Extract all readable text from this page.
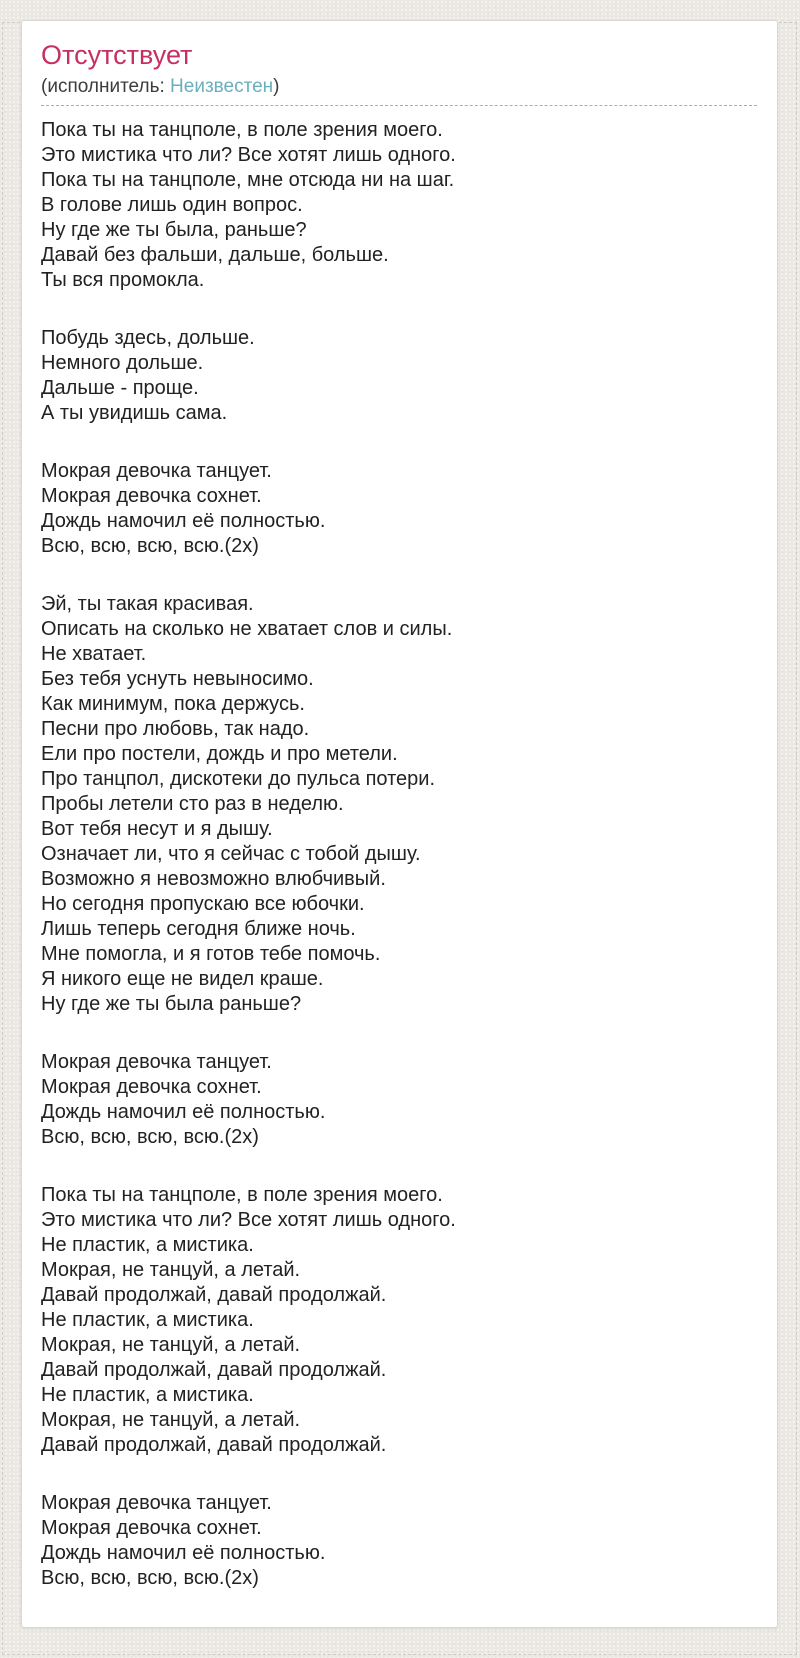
Отсутствует
(исполнитель: Неизвестен)

Пока ты на танцполе, в поле зрения моего.
Это мистика что ли? Все хотят лишь одного.
Пока ты на танцполе, мне отсюда ни на шаг.
В голове лишь один вопрос.
Ну где же ты была, раньше?
Давай без фальши, дальше, больше.
Ты вся промокла.

Побудь здесь, дольше.
Немного дольше.
Дальше - проще.
А ты увидишь сама.

Мокрая девочка танцует.
Мокрая девочка сохнет.
Дождь намочил её полностью.
Всю, всю, всю, всю.(2х)

Эй, ты такая красивая.
Описать на сколько не хватает слов и силы.
Не хватает.
Без тебя уснуть невыносимо.
Как минимум, пока держусь.
Песни про любовь, так надо.
Ели про постели, дождь и про метели.
Про танцпол, дискотеки до пульса потери.
Пробы летели сто раз в неделю.
Вот тебя несут и я дышу.
Означает ли, что я сейчас с тобой дышу.
Возможно я невозможно влюбчивый.
Но сегодня пропускаю все юбочки.
Лишь теперь сегодня ближе ночь.
Мне помогла, и я готов тебе помочь.
Я никого еще не видел краше.
Ну где же ты была раньше?

Мокрая девочка танцует.
Мокрая девочка сохнет.
Дождь намочил её полностью.
Всю, всю, всю, всю.(2х)

Пока ты на танцполе, в поле зрения моего.
Это мистика что ли? Все хотят лишь одного.
Не пластик, а мистика.
Мокрая, не танцуй, а летай.
Давай продолжай, давай продолжай.
Не пластик, а мистика.
Мокрая, не танцуй, а летай.
Давай продолжай, давай продолжай.
Не пластик, а мистика.
Мокрая, не танцуй, а летай.
Давай продолжай, давай продолжай.

Мокрая девочка танцует.
Мокрая девочка сохнет.
Дождь намочил её полностью.
Всю, всю, всю, всю.(2х)
